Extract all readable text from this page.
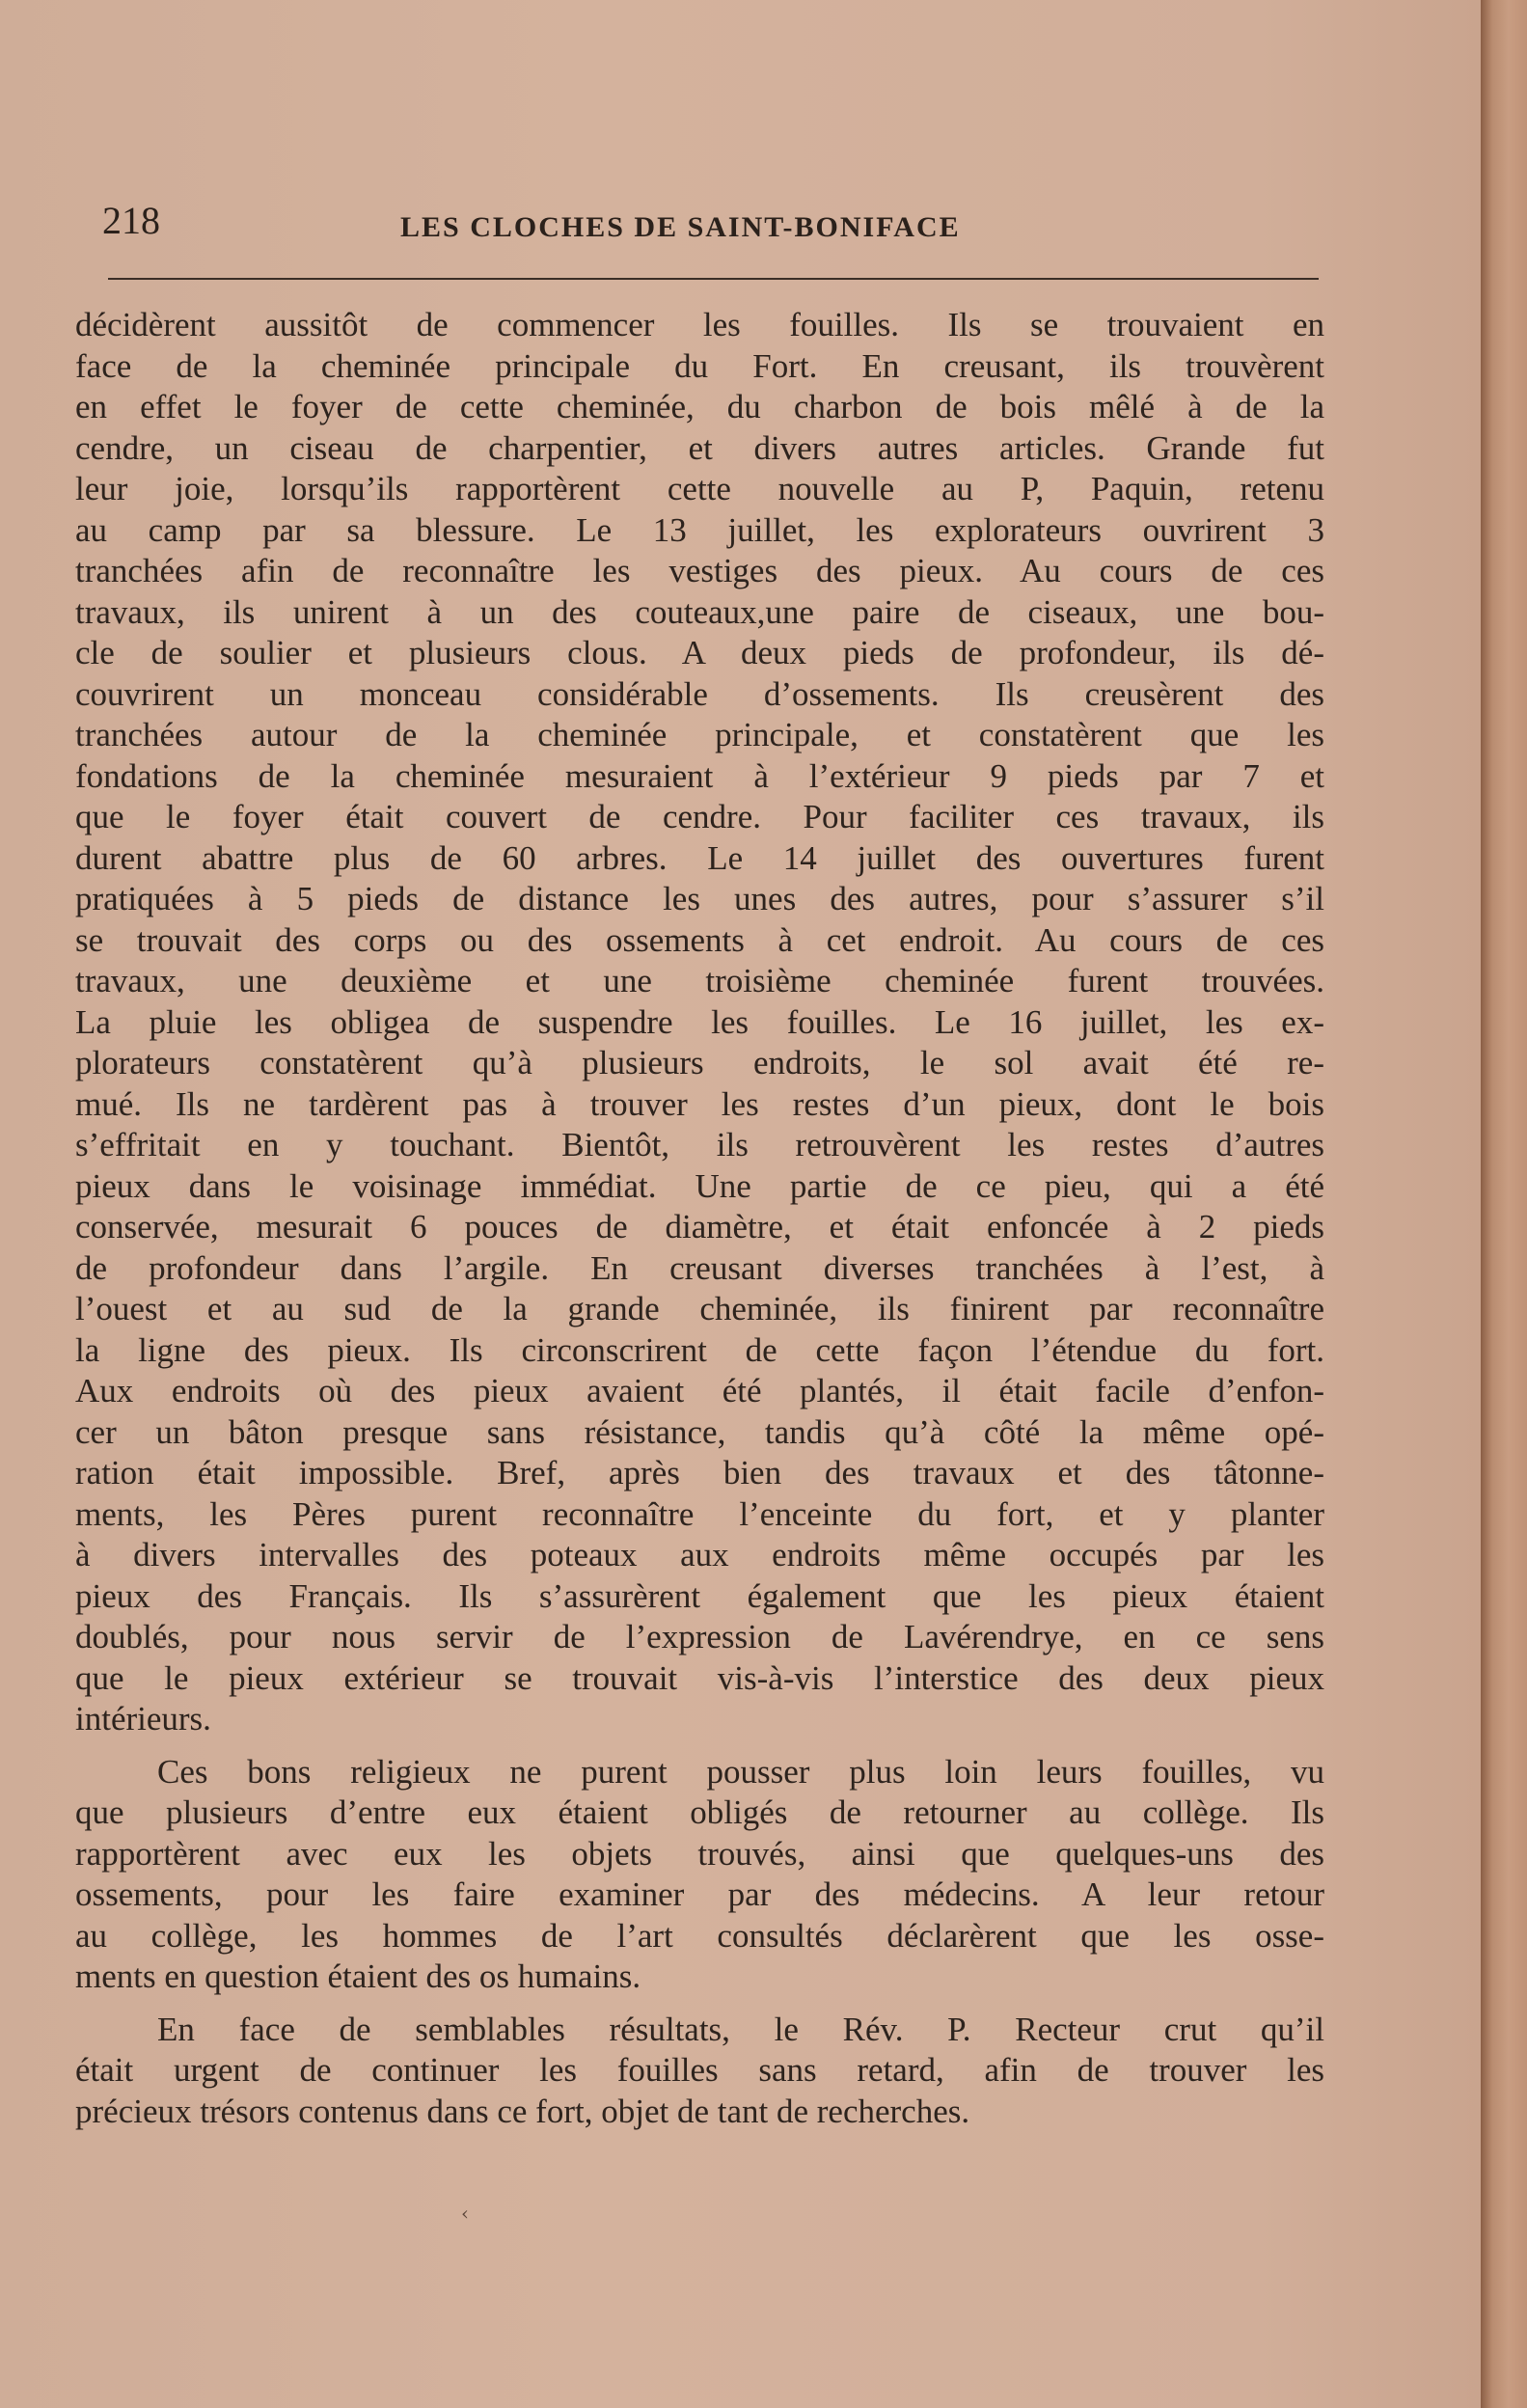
218	LES CLOCHES DE SAINT-BONIFACE
décidèrent aussitôt de commencer les fouilles. Ils se trouvaient en
face de la cheminée principale du Fort. En creusant, ils trouvèrent
en effet le foyer de cette cheminée, du charbon de bois mêlé à de la
cendre, un ciseau de charpentier, et divers autres articles. Grande fut
leur joie, lorsqu’ils rapportèrent cette nouvelle au P, Paquin, retenu
au camp par sa blessure. Le 13 juillet, les explorateurs ouvrirent 3
tranchées afin de reconnaître les vestiges des pieux. Au cours de ces
travaux, ils unirent à un des couteaux,une paire de ciseaux, une bou-
cle de soulier et plusieurs clous. A deux pieds de profondeur, ils dé-
couvrirent un monceau considérable d’ossements. Ils creusèrent des
tranchées autour de la cheminée principale, et constatèrent que les
fondations de la cheminée mesuraient à l’extérieur 9 pieds par 7 et
que le foyer était couvert de cendre. Pour faciliter ces travaux, ils
durent abattre plus de 60 arbres. Le 14 juillet des ouvertures furent
pratiquées à 5 pieds de distance les unes des autres, pour s’assurer s’il
se trouvait des corps ou des ossements à cet endroit. Au cours de ces
travaux, une deuxième et une troisième cheminée furent trouvées.
La pluie les obligea de suspendre les fouilles. Le 16 juillet, les ex-
plorateurs constatèrent qu’à plusieurs endroits, le sol avait été re-
mué. Ils ne tardèrent pas à trouver les restes d’un pieux, dont le bois
s’effritait en y touchant. Bientôt, ils retrouvèrent les restes d’autres
pieux dans le voisinage immédiat. Une partie de ce pieu, qui a été
conservée, mesurait 6 pouces de diamètre, et était enfoncée à 2 pieds
de profondeur dans l’argile. En creusant diverses tranchées à l’est, à
l’ouest et au sud de la grande cheminée, ils finirent par reconnaître
la ligne des pieux. Ils circonscrirent de cette façon l’étendue du fort.
Aux endroits où des pieux avaient été plantés, il était facile d’enfon-
cer un bâton presque sans résistance, tandis qu’à côté la même opé-
ration était impossible. Bref, après bien des travaux et des tâtonne-
ments, les Pères purent reconnaître l’enceinte du fort, et y planter
à divers intervalles des poteaux aux endroits même occupés par les
pieux des Français. Ils s’assurèrent également que les pieux étaient
doublés, pour nous servir de l’expression de Lavérendrye, en ce sens
que le pieux extérieur se trouvait vis-à-vis l’interstice des deux pieux
intérieurs.
Ces bons religieux ne purent pousser plus loin leurs fouilles, vu
que plusieurs d’entre eux étaient obligés de retourner au collège. Ils
rapportèrent avec eux les objets trouvés, ainsi que quelques-uns des
ossements, pour les faire examiner par des médecins. A leur retour
au collège, les hommes de l’art consultés déclarèrent que les osse-
ments en question étaient des os humains.
En face de semblables résultats, le Rév. P. Recteur crut qu’il
était urgent de continuer les fouilles sans retard, afin de trouver les
précieux trésors contenus dans ce fort, objet de tant de recherches.
‹
